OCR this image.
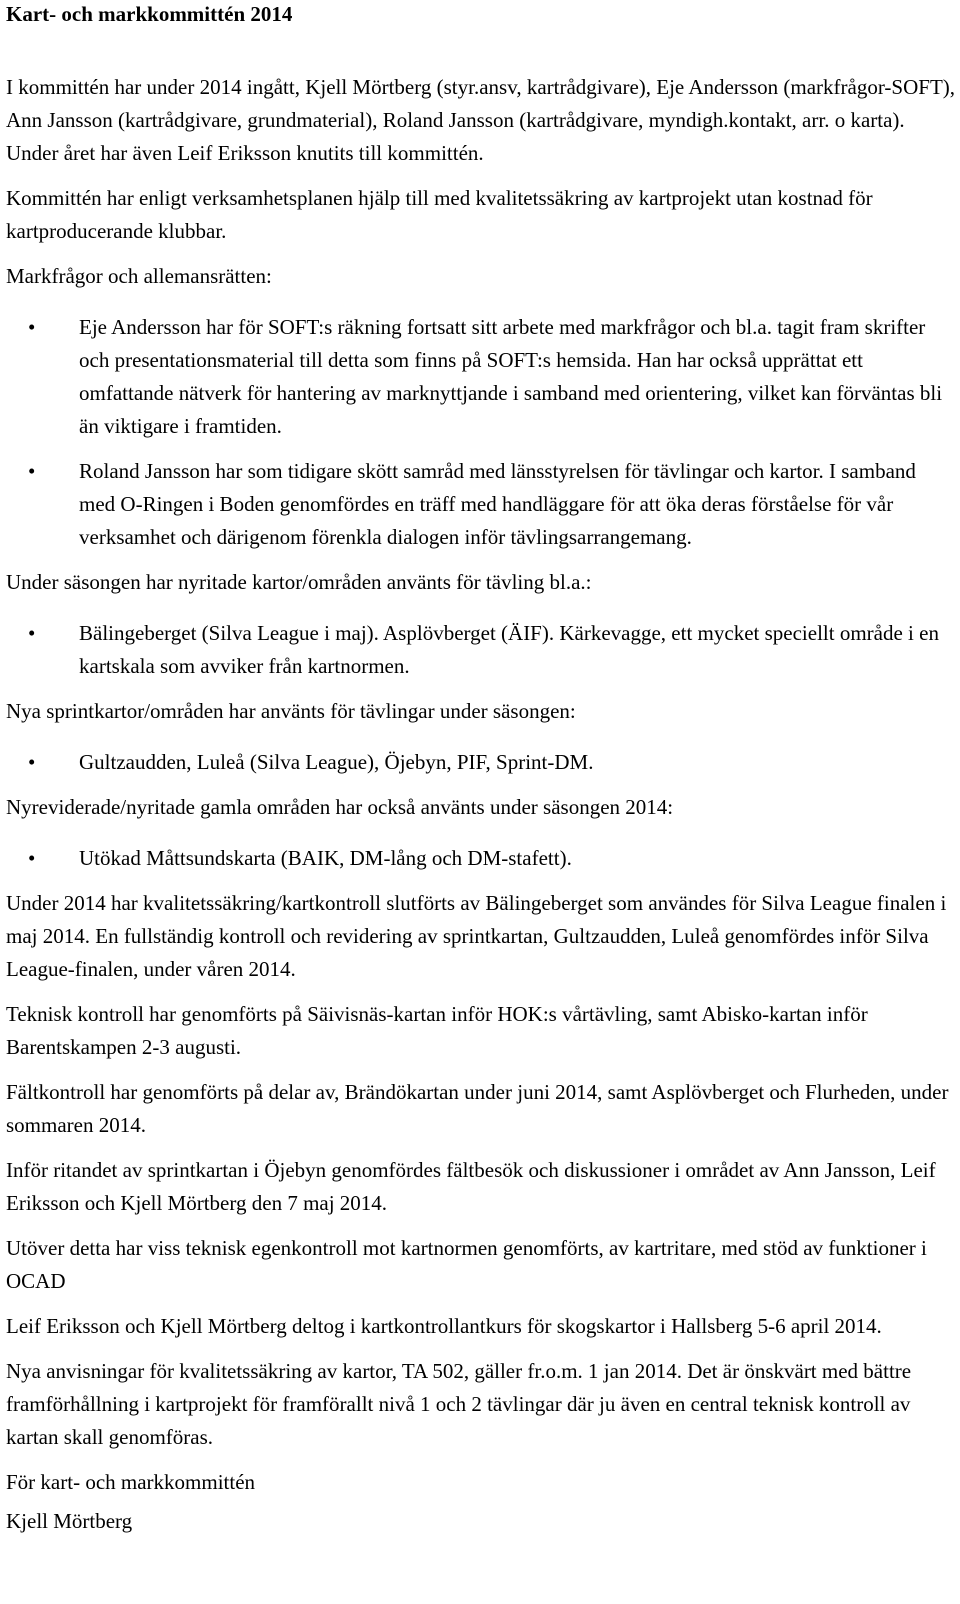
Kart- och markkommittén 2014

I kommittén har under 2014 ingått, Kjell Mörtberg (styr.ansv, kartrådgivare), Eje Andersson (markfrågor-SOFT), Ann Jansson (kartrådgivare, grundmaterial), Roland Jansson (kartrådgivare, myndigh.kontakt, arr. o karta). Under året har även Leif Eriksson knutits till kommittén.

Kommittén har enligt verksamhetsplanen hjälp till med kvalitetssäkring av kartprojekt utan kostnad för kartproducerande klubbar.

Markfrågor och allemansrätten:

• Eje Andersson har för SOFT:s räkning fortsatt sitt arbete med markfrågor och bl.a. tagit fram skrifter och presentationsmaterial till detta som finns på SOFT:s hemsida. Han har också upprättat ett omfattande nätverk för hantering av marknyttjande i samband med orientering, vilket kan förväntas bli än viktigare i framtiden.
• Roland Jansson har som tidigare skött samråd med länsstyrelsen för tävlingar och kartor. I samband med O-Ringen i Boden genomfördes en träff med handläggare för att öka deras förståelse för vår verksamhet och därigenom förenkla dialogen inför tävlingsarrangemang.

Under säsongen har nyritade kartor/områden använts för tävling bl.a.:

• Bälingeberget (Silva League i maj). Asplövberget (ÄIF). Kärkevagge, ett mycket speciellt område i en kartskala som avviker från kartnormen.

Nya sprintkartor/områden har använts för tävlingar under säsongen:

• Gultzaudden, Luleå (Silva League), Öjebyn, PIF, Sprint-DM.

Nyreviderade/nyritade gamla områden har också använts under säsongen 2014:

• Utökad Måttsundskarta (BAIK, DM-lång och DM-stafett).

Under 2014 har kvalitetssäkring/kartkontroll slutförts av Bälingeberget som användes för Silva League finalen i maj 2014. En fullständig kontroll och revidering av sprintkartan, Gultzaudden, Luleå genomfördes inför Silva League-finalen, under våren 2014.

Teknisk kontroll har genomförts på Säivisnäs-kartan inför HOK:s vårtävling, samt Abisko-kartan inför Barentskampen 2-3 augusti.

Fältkontroll har genomförts på delar av, Brändökartan under juni 2014, samt Asplövberget och Flurheden, under sommaren 2014.

Inför ritandet av sprintkartan i Öjebyn genomfördes fältbesök och diskussioner i området av Ann Jansson, Leif Eriksson och Kjell Mörtberg den 7 maj 2014.

Utöver detta har viss teknisk egenkontroll mot kartnormen genomförts, av kartritare, med stöd av funktioner i OCAD

Leif Eriksson och Kjell Mörtberg deltog i kartkontrollantkurs för skogskartor i Hallsberg 5-6 april 2014.

Nya anvisningar för kvalitetssäkring av kartor, TA 502, gäller fr.o.m. 1 jan 2014. Det är önskvärt med bättre framförhållning i kartprojekt för framförallt nivå 1 och 2 tävlingar där ju även en central teknisk kontroll av kartan skall genomföras.

För kart- och markkommittén

Kjell Mörtberg
